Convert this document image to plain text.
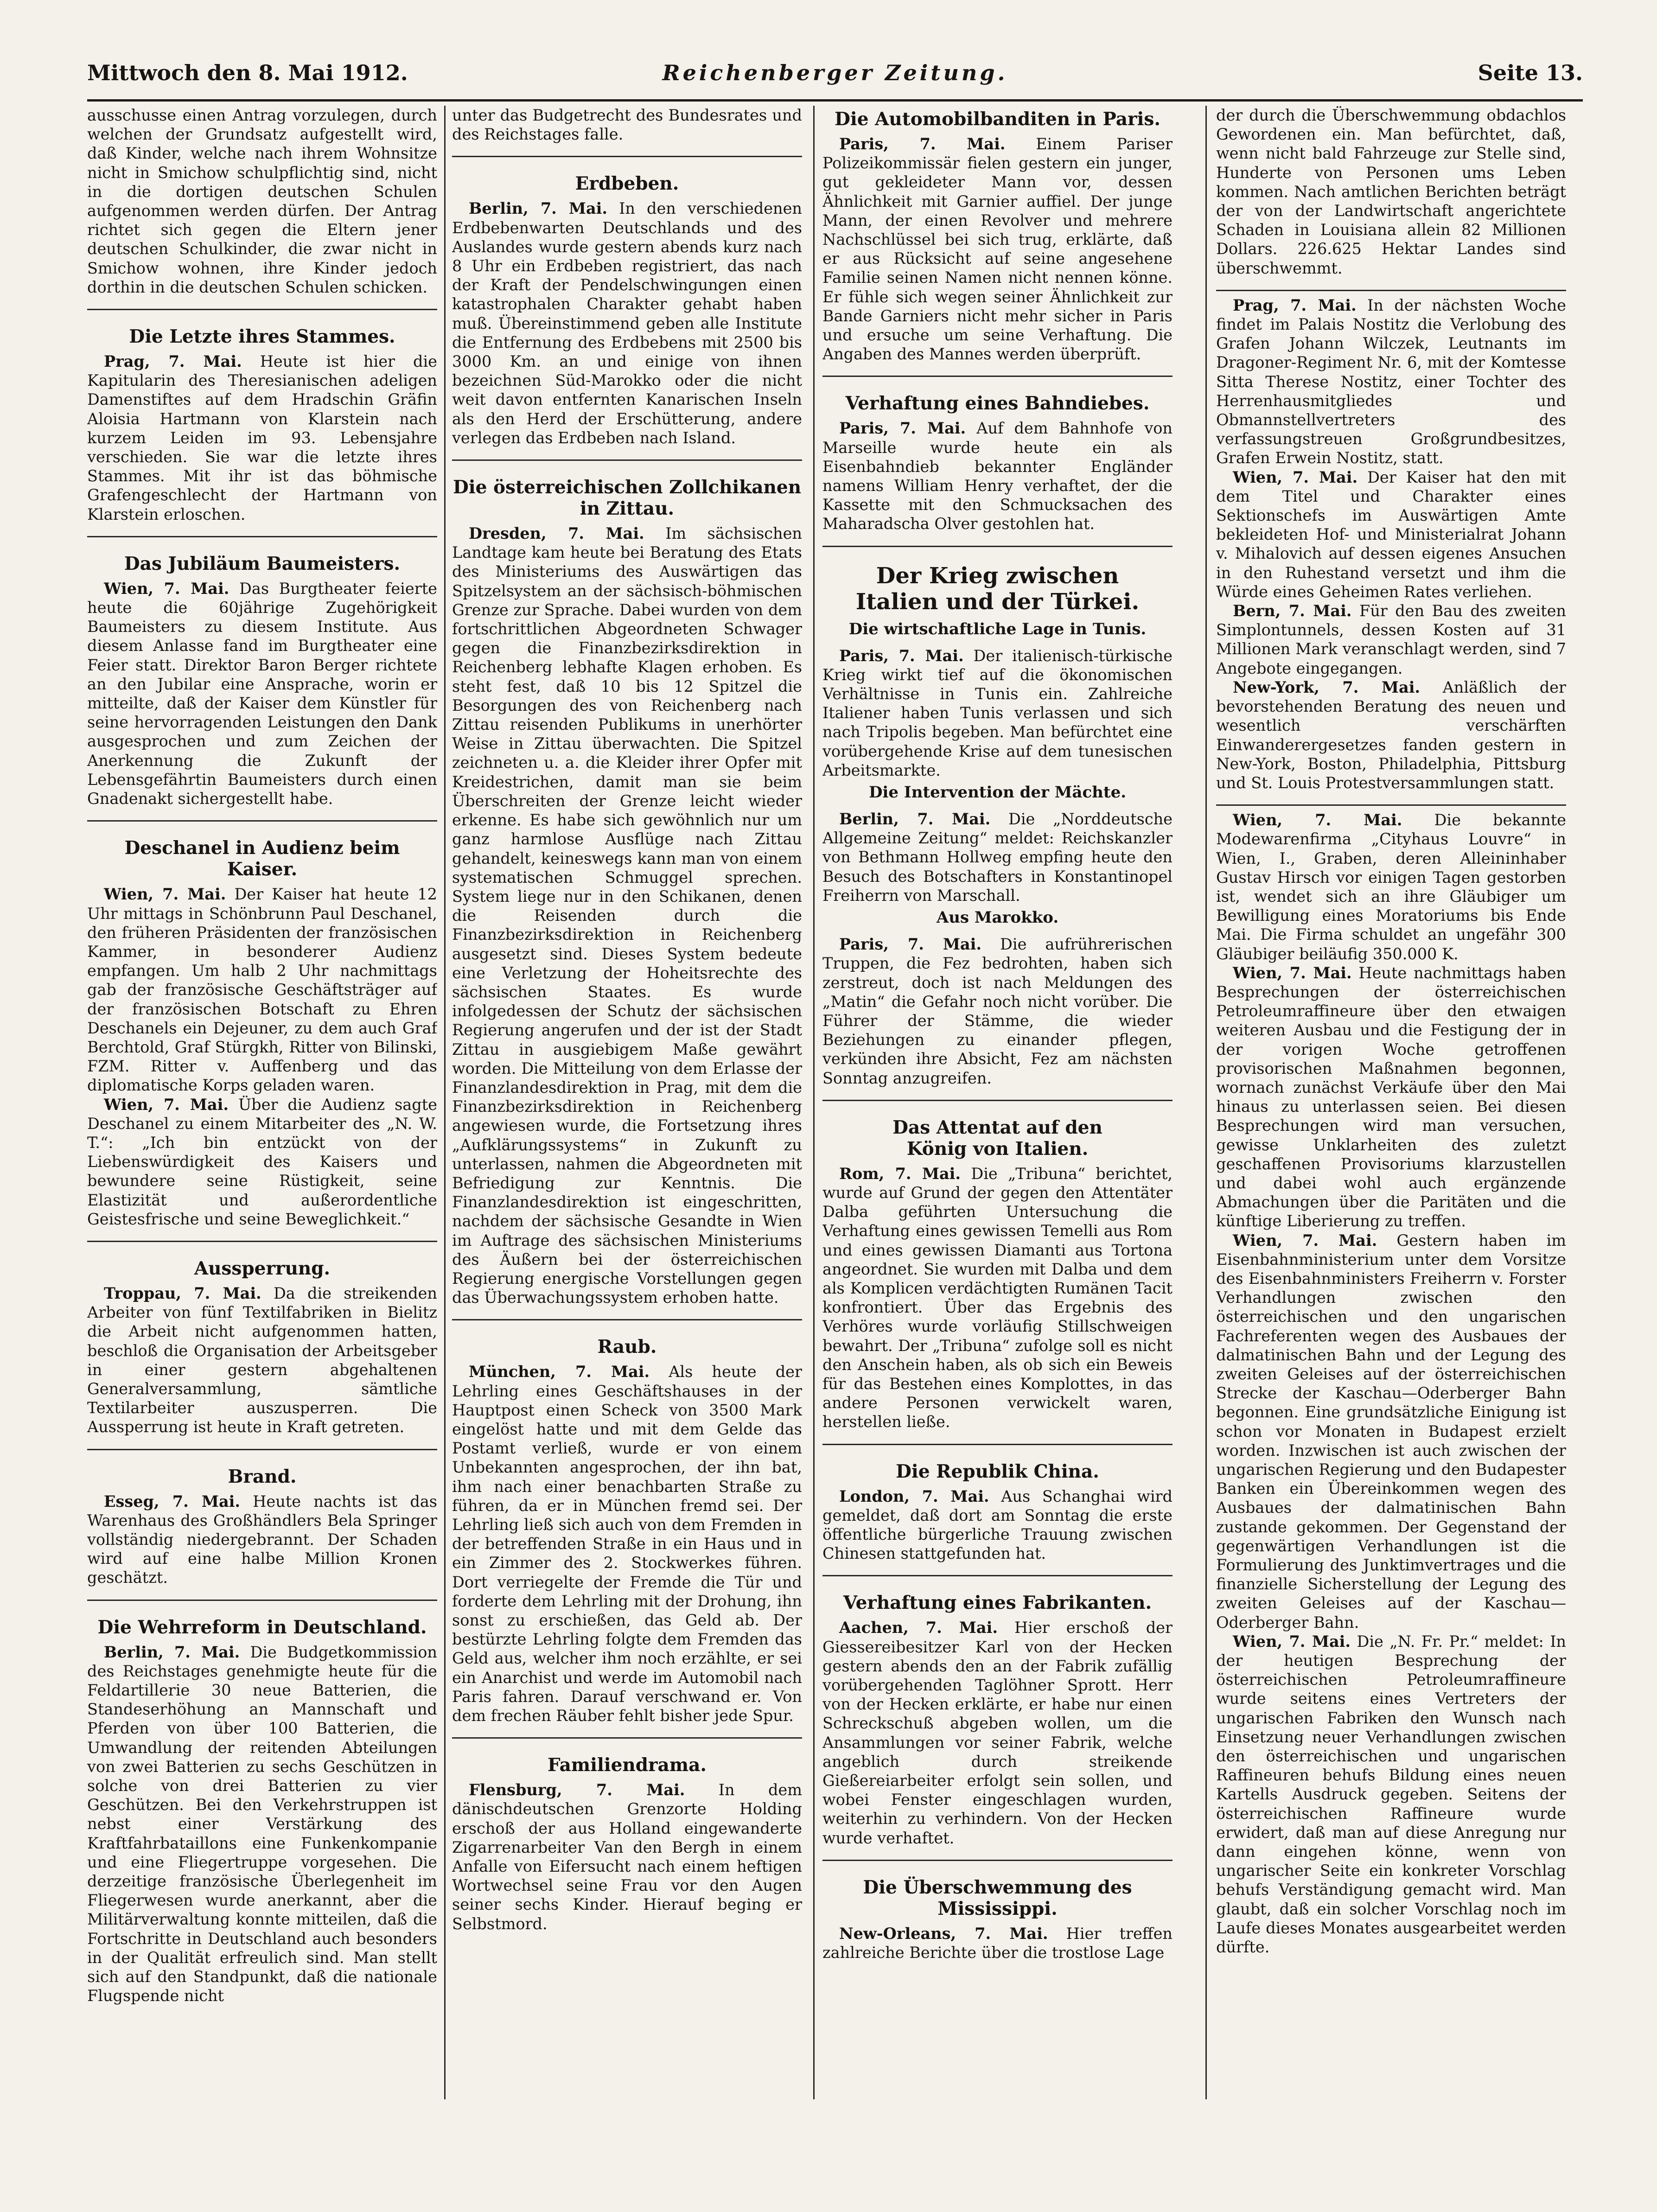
Mittwoch den 8. Mai 1912.	Reichenberger Zeitung.	Seite 13.

ausschusse einen Antrag vorzulegen, durch welchen der Grundsatz aufgestellt wird, daß Kinder, welche nach ihrem Wohnsitze nicht in Smichow schulpflichtig sind, nicht in die dortigen deutschen Schulen aufgenommen werden dürfen. Der Antrag richtet sich gegen die Eltern jener deutschen Schulkinder, die zwar nicht in Smichow wohnen, ihre Kinder jedoch dorthin in die deutschen Schulen schicken.

Die Letzte ihres Stammes.

Prag, 7. Mai. Heute ist hier die Kapitularin des Theresianischen adeligen Damenstiftes auf dem Hradschin Gräfin Aloisia Hartmann von Klarstein nach kurzem Leiden im 93. Lebensjahre verschieden. Sie war die letzte ihres Stammes. Mit ihr ist das böhmische Grafengeschlecht der Hartmann von Klarstein erloschen.

Das Jubiläum Baumeisters.

Wien, 7. Mai. Das Burgtheater feierte heute die 60jährige Zugehörigkeit Baumeisters zu diesem Institute. Aus diesem Anlasse fand im Burgtheater eine Feier statt. Direktor Baron Berger richtete an den Jubilar eine Ansprache, worin er mitteilte, daß der Kaiser dem Künstler für seine hervorragenden Leistungen den Dank ausgesprochen und zum Zeichen der Anerkennung die Zukunft der Lebensgefährtin Baumeisters durch einen Gnadenakt sichergestellt habe.

Deschanel in Audienz beim Kaiser.

Wien, 7. Mai. Der Kaiser hat heute 12 Uhr mittags in Schönbrunn Paul Deschanel, den früheren Präsidenten der französischen Kammer, in besonderer Audienz empfangen. Um halb 2 Uhr nachmittags gab der französische Geschäftsträger auf der französischen Botschaft zu Ehren Deschanels ein Dejeuner, zu dem auch Graf Berchtold, Graf Stürgkh, Ritter von Bilinski, FZM. Ritter v. Auffenberg und das diplomatische Korps geladen waren.

Wien, 7. Mai. Über die Audienz sagte Deschanel zu einem Mitarbeiter des „N. W. T.“: „Ich bin entzückt von der Liebenswürdigkeit des Kaisers und bewundere seine Rüstigkeit, seine Elastizität und außerordentliche Geistesfrische und seine Beweglichkeit.“

Aussperrung.

Troppau, 7. Mai. Da die streikenden Arbeiter von fünf Textilfabriken in Bielitz die Arbeit nicht aufgenommen hatten, beschloß die Organisation der Arbeitsgeber in einer gestern abgehaltenen Generalversammlung, sämtliche Textilarbeiter auszusperren. Die Aussperrung ist heute in Kraft getreten.

Brand.

Esseg, 7. Mai. Heute nachts ist das Warenhaus des Großhändlers Bela Springer vollständig niedergebrannt. Der Schaden wird auf eine halbe Million Kronen geschätzt.

Die Wehrreform in Deutschland.

Berlin, 7. Mai. Die Budgetkommission des Reichstages genehmigte heute für die Feldartillerie 30 neue Batterien, die Standeserhöhung an Mannschaft und Pferden von über 100 Batterien, die Umwandlung der reitenden Abteilungen von zwei Batterien zu sechs Geschützen in solche von drei Batterien zu vier Geschützen. Bei den Verkehrstruppen ist nebst einer Verstärkung des Kraftfahrbataillons eine Funkenkompanie und eine Fliegertruppe vorgesehen. Die derzeitige französische Überlegenheit im Fliegerwesen wurde anerkannt, aber die Militärverwaltung konnte mitteilen, daß die Fortschritte in Deutschland auch besonders in der Qualität erfreulich sind. Man stellt sich auf den Standpunkt, daß die nationale Flugspende nicht

unter das Budgetrecht des Bundesrates und des Reichstages falle.

Erdbeben.

Berlin, 7. Mai. In den verschiedenen Erdbebenwarten Deutschlands und des Auslandes wurde gestern abends kurz nach 8 Uhr ein Erdbeben registriert, das nach der Kraft der Pendelschwingungen einen katastrophalen Charakter gehabt haben muß. Übereinstimmend geben alle Institute die Entfernung des Erdbebens mit 2500 bis 3000 Km. an und einige von ihnen bezeichnen Süd-Marokko oder die nicht weit davon entfernten Kanarischen Inseln als den Herd der Erschütterung, andere verlegen das Erdbeben nach Island.

Die österreichischen Zollchikanen in Zittau.

Dresden, 7. Mai. Im sächsischen Landtage kam heute bei Beratung des Etats des Ministeriums des Auswärtigen das Spitzelsystem an der sächsisch-böhmischen Grenze zur Sprache. Dabei wurden von dem fortschrittlichen Abgeordneten Schwager gegen die Finanzbezirksdirektion in Reichenberg lebhafte Klagen erhoben. Es steht fest, daß 10 bis 12 Spitzel die Besorgungen des von Reichenberg nach Zittau reisenden Publikums in unerhörter Weise in Zittau überwachten. Die Spitzel zeichneten u. a. die Kleider ihrer Opfer mit Kreidestrichen, damit man sie beim Überschreiten der Grenze leicht wieder erkenne. Es habe sich gewöhnlich nur um ganz harmlose Ausflüge nach Zittau gehandelt, keineswegs kann man von einem systematischen Schmuggel sprechen. System liege nur in den Schikanen, denen die Reisenden durch die Finanzbezirksdirektion in Reichenberg ausgesetzt sind. Dieses System bedeute eine Verletzung der Hoheitsrechte des sächsischen Staates. Es wurde infolgedessen der Schutz der sächsischen Regierung angerufen und der ist der Stadt Zittau in ausgiebigem Maße gewährt worden. Die Mitteilung von dem Erlasse der Finanzlandesdirektion in Prag, mit dem die Finanzbezirksdirektion in Reichenberg angewiesen wurde, die Fortsetzung ihres „Aufklärungssystems“ in Zukunft zu unterlassen, nahmen die Abgeordneten mit Befriedigung zur Kenntnis. Die Finanzlandesdirektion ist eingeschritten, nachdem der sächsische Gesandte in Wien im Auftrage des sächsischen Ministeriums des Äußern bei der österreichischen Regierung energische Vorstellungen gegen das Überwachungssystem erhoben hatte.

Raub.

München, 7. Mai. Als heute der Lehrling eines Geschäftshauses in der Hauptpost einen Scheck von 3500 Mark eingelöst hatte und mit dem Gelde das Postamt verließ, wurde er von einem Unbekannten angesprochen, der ihn bat, ihm nach einer benachbarten Straße zu führen, da er in München fremd sei. Der Lehrling ließ sich auch von dem Fremden in der betreffenden Straße in ein Haus und in ein Zimmer des 2. Stockwerkes führen. Dort verriegelte der Fremde die Tür und forderte dem Lehrling mit der Drohung, ihn sonst zu erschießen, das Geld ab. Der bestürzte Lehrling folgte dem Fremden das Geld aus, welcher ihm noch erzählte, er sei ein Anarchist und werde im Automobil nach Paris fahren. Darauf verschwand er. Von dem frechen Räuber fehlt bisher jede Spur.

Familiendrama.

Flensburg, 7. Mai. In dem dänischdeutschen Grenzorte Holding erschoß der aus Holland eingewanderte Zigarrenarbeiter Van den Bergh in einem Anfalle von Eifersucht nach einem heftigen Wortwechsel seine Frau vor den Augen seiner sechs Kinder. Hierauf beging er Selbstmord.

Die Automobilbanditen in Paris.

Paris, 7. Mai. Einem Pariser Polizeikommissär fielen gestern ein junger, gut gekleideter Mann vor, dessen Ähnlichkeit mit Garnier auffiel. Der junge Mann, der einen Revolver und mehrere Nachschlüssel bei sich trug, erklärte, daß er aus Rücksicht auf seine angesehene Familie seinen Namen nicht nennen könne. Er fühle sich wegen seiner Ähnlichkeit zur Bande Garniers nicht mehr sicher in Paris und ersuche um seine Verhaftung. Die Angaben des Mannes werden überprüft.

Verhaftung eines Bahndiebes.

Paris, 7. Mai. Auf dem Bahnhofe von Marseille wurde heute ein als Eisenbahndieb bekannter Engländer namens William Henry verhaftet, der die Kassette mit den Schmucksachen des Maharadscha Olver gestohlen hat.

Der Krieg zwischen
Italien und der Türkei.
Die wirtschaftliche Lage in Tunis.

Paris, 7. Mai. Der italienisch-türkische Krieg wirkt tief auf die ökonomischen Verhältnisse in Tunis ein. Zahlreiche Italiener haben Tunis verlassen und sich nach Tripolis begeben. Man befürchtet eine vorübergehende Krise auf dem tunesischen Arbeitsmarkte.

Die Intervention der Mächte.

Berlin, 7. Mai. Die „Norddeutsche Allgemeine Zeitung“ meldet: Reichskanzler von Bethmann Hollweg empfing heute den Besuch des Botschafters in Konstantinopel Freiherrn von Marschall.

Aus Marokko.

Paris, 7. Mai. Die aufrührerischen Truppen, die Fez bedrohten, haben sich zerstreut, doch ist nach Meldungen des „Matin“ die Gefahr noch nicht vorüber. Die Führer der Stämme, die wieder Beziehungen zu einander pflegen, verkünden ihre Absicht, Fez am nächsten Sonntag anzugreifen.

Das Attentat auf den
König von Italien.

Rom, 7. Mai. Die „Tribuna“ berichtet, wurde auf Grund der gegen den Attentäter Dalba geführten Untersuchung die Verhaftung eines gewissen Temelli aus Rom und eines gewissen Diamanti aus Tortona angeordnet. Sie wurden mit Dalba und dem als Komplicen verdächtigten Rumänen Tacit konfrontiert. Über das Ergebnis des Verhöres wurde vorläufig Stillschweigen bewahrt. Der „Tribuna“ zufolge soll es nicht den Anschein haben, als ob sich ein Beweis für das Bestehen eines Komplottes, in das andere Personen verwickelt waren, herstellen ließe.

Die Republik China.

London, 7. Mai. Aus Schanghai wird gemeldet, daß dort am Sonntag die erste öffentliche bürgerliche Trauung zwischen Chinesen stattgefunden hat.

Verhaftung eines Fabrikanten.

Aachen, 7. Mai. Hier erschoß der Giessereibesitzer Karl von der Hecken gestern abends den an der Fabrik zufällig vorübergehenden Taglöhner Sprott. Herr von der Hecken erklärte, er habe nur einen Schreckschuß abgeben wollen, um die Ansammlungen vor seiner Fabrik, welche angeblich durch streikende Gießereiarbeiter erfolgt sein sollen, und wobei Fenster eingeschlagen wurden, weiterhin zu verhindern. Von der Hecken wurde verhaftet.

Die Überschwemmung des Mississippi.

New-Orleans, 7. Mai. Hier treffen zahlreiche Berichte über die trostlose Lage

der durch die Überschwemmung obdachlos Gewordenen ein. Man befürchtet, daß, wenn nicht bald Fahrzeuge zur Stelle sind, Hunderte von Personen ums Leben kommen. Nach amtlichen Berichten beträgt der von der Landwirtschaft angerichtete Schaden in Louisiana allein 82 Millionen Dollars. 226.625 Hektar Landes sind überschwemmt.

Prag, 7. Mai. In der nächsten Woche findet im Palais Nostitz die Verlobung des Grafen Johann Wilczek, Leutnants im Dragoner-Regiment Nr. 6, mit der Komtesse Sitta Therese Nostitz, einer Tochter des Herrenhausmitgliedes und Obmannstellvertreters des verfassungstreuen Großgrundbesitzes, Grafen Erwein Nostitz, statt.

Wien, 7. Mai. Der Kaiser hat den mit dem Titel und Charakter eines Sektionschefs im Auswärtigen Amte bekleideten Hof- und Ministerialrat Johann v. Mihalovich auf dessen eigenes Ansuchen in den Ruhestand versetzt und ihm die Würde eines Geheimen Rates verliehen.

Bern, 7. Mai. Für den Bau des zweiten Simplontunnels, dessen Kosten auf 31 Millionen Mark veranschlagt werden, sind 7 Angebote eingegangen.

New-York, 7. Mai. Anläßlich der bevorstehenden Beratung des neuen und wesentlich verschärften Einwanderergesetzes fanden gestern in New-York, Boston, Philadelphia, Pittsburg und St. Louis Protestversammlungen statt.

Wien, 7. Mai. Die bekannte Modewarenfirma „Cityhaus Louvre“ in Wien, I., Graben, deren Alleininhaber Gustav Hirsch vor einigen Tagen gestorben ist, wendet sich an ihre Gläubiger um Bewilligung eines Moratoriums bis Ende Mai. Die Firma schuldet an ungefähr 300 Gläubiger beiläufig 350.000 K.

Wien, 7. Mai. Heute nachmittags haben Besprechungen der österreichischen Petroleumraffineure über den etwaigen weiteren Ausbau und die Festigung der in der vorigen Woche getroffenen provisorischen Maßnahmen begonnen, wornach zunächst Verkäufe über den Mai hinaus zu unterlassen seien. Bei diesen Besprechungen wird man versuchen, gewisse Unklarheiten des zuletzt geschaffenen Provisoriums klarzustellen und dabei wohl auch ergänzende Abmachungen über die Paritäten und die künftige Liberierung zu treffen.

Wien, 7. Mai. Gestern haben im Eisenbahnministerium unter dem Vorsitze des Eisenbahnministers Freiherrn v. Forster Verhandlungen zwischen den österreichischen und den ungarischen Fachreferenten wegen des Ausbaues der dalmatinischen Bahn und der Legung des zweiten Geleises auf der österreichischen Strecke der Kaschau—Oderberger Bahn begonnen. Eine grundsätzliche Einigung ist schon vor Monaten in Budapest erzielt worden. Inzwischen ist auch zwischen der ungarischen Regierung und den Budapester Banken ein Übereinkommen wegen des Ausbaues der dalmatinischen Bahn zustande gekommen. Der Gegenstand der gegenwärtigen Verhandlungen ist die Formulierung des Junktimvertrages und die finanzielle Sicherstellung der Legung des zweiten Geleises auf der Kaschau—Oderberger Bahn.

Wien, 7. Mai. Die „N. Fr. Pr.“ meldet: In der heutigen Besprechung der österreichischen Petroleumraffineure wurde seitens eines Vertreters der ungarischen Fabriken den Wunsch nach Einsetzung neuer Verhandlungen zwischen den österreichischen und ungarischen Raffineuren behufs Bildung eines neuen Kartells Ausdruck gegeben. Seitens der österreichischen Raffineure wurde erwidert, daß man auf diese Anregung nur dann eingehen könne, wenn von ungarischer Seite ein konkreter Vorschlag behufs Verständigung gemacht wird. Man glaubt, daß ein solcher Vorschlag noch im Laufe dieses Monates ausgearbeitet werden dürfte.
